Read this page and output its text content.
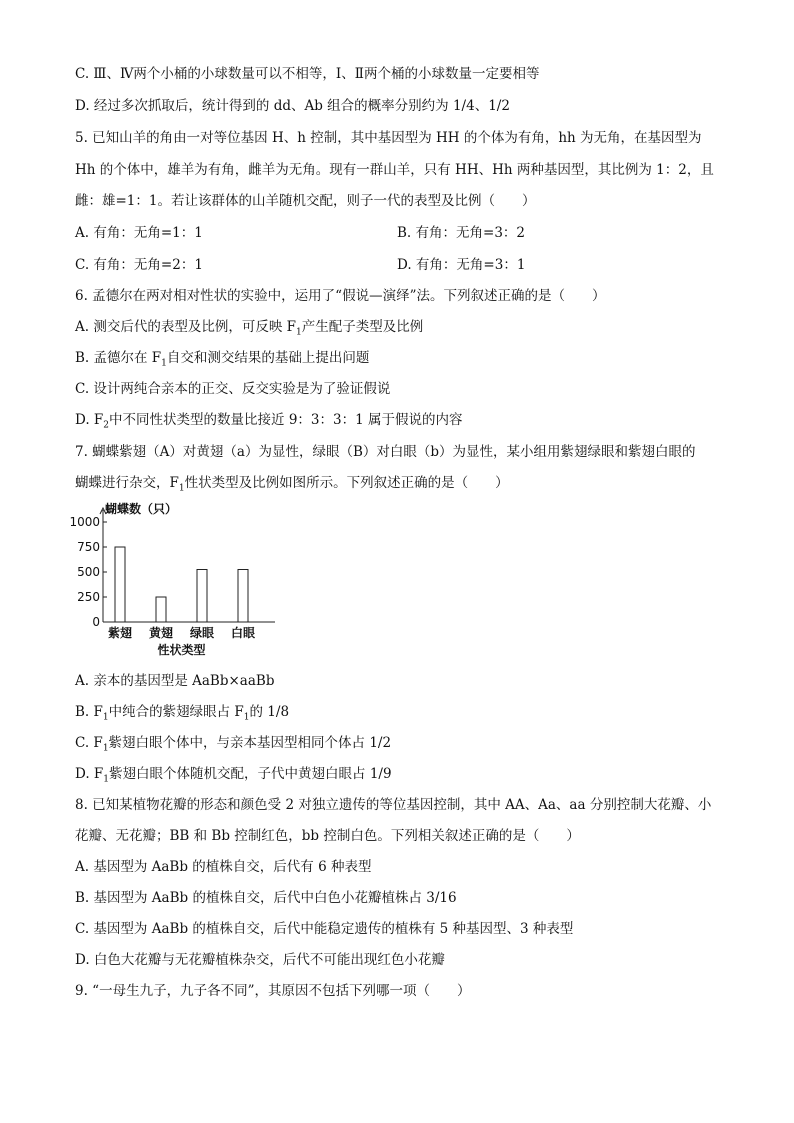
C. Ⅲ、Ⅳ两个小桶的小球数量可以不相等，Ⅰ、Ⅱ两个桶的小球数量一定要相等
D. 经过多次抓取后，统计得到的 dd、Ab 组合的概率分别约为 1/4、1/2
5. 已知山羊的角由一对等位基因 H、h 控制，其中基因型为 HH 的个体为有角，hh 为无角，在基因型为
Hh 的个体中，雄羊为有角，雌羊为无角。现有一群山羊，只有 HH、Hh 两种基因型，其比例为 1：2，且
雌：雄=1：1。若让该群体的山羊随机交配，则子一代的表型及比例（　　）
A. 有角：无角=1：1	B. 有角：无角=3：2
C. 有角：无角=2：1	D. 有角：无角=3：1
6. 孟德尔在两对相对性状的实验中，运用了“假说—演绎”法。下列叙述正确的是（　　）
A. 测交后代的表型及比例，可反映 $F_1$产生配子类型及比例
B. 孟德尔在 $F_1$自交和测交结果的基础上提出问题
C. 设计两纯合亲本的正交、反交实验是为了验证假说
D. $F_2$中不同性状类型的数量比接近 9：3：3：1 属于假说的内容
7. 蝴蝶紫翅（A）对黄翅（a）为显性，绿眼（B）对白眼（b）为显性，某小组用紫翅绿眼和紫翅白眼的
蝴蝶进行杂交，$F_1$性状类型及比例如图所示。下列叙述正确的是（　　）
0
250
500
750
1000
蝴蝶数（只）
紫翅 黄翅 绿眼 白眼
性状类型
A. 亲本的基因型是 AaBb×aaBb
B. $F_1$中纯合的紫翅绿眼占 $F_1$的 1/8
C. $F_1$紫翅白眼个体中，与亲本基因型相同个体占 1/2
D. $F_1$紫翅白眼个体随机交配，子代中黄翅白眼占 1/9
8. 已知某植物花瓣的形态和颜色受 2 对独立遗传的等位基因控制，其中 AA、Aa、aa 分别控制大花瓣、小
花瓣、无花瓣；BB 和 Bb 控制红色，bb 控制白色。下列相关叙述正确的是（　　）
A. 基因型为 AaBb 的植株自交，后代有 6 种表型
B. 基因型为 AaBb 的植株自交，后代中白色小花瓣植株占 3/16
C. 基因型为 AaBb 的植株自交，后代中能稳定遗传的植株有 5 种基因型、3 种表型
D. 白色大花瓣与无花瓣植株杂交，后代不可能出现红色小花瓣
9. “一母生九子，九子各不同”，其原因不包括下列哪一项（　　）
